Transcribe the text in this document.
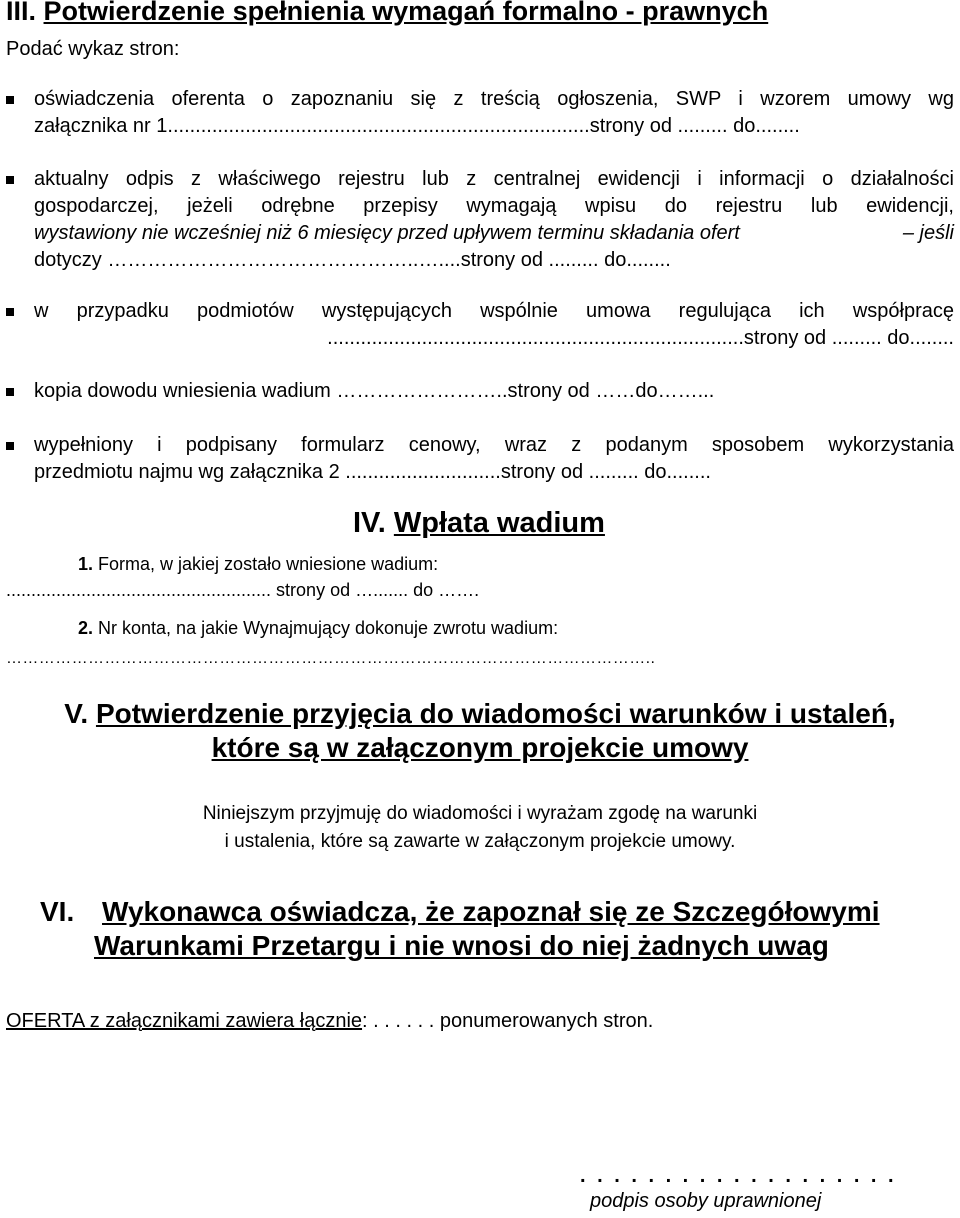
III. Potwierdzenie spełnienia wymagań formalno - prawnych
Podać wykaz stron:
oświadczenia oferenta o zapoznaniu się z treścią ogłoszenia, SWP i wzorem umowy wg
załącznika nr 1............................................................................strony od ......... do........
aktualny odpis z właściwego rejestru lub z centralnej ewidencji i informacji o działalności
gospodarczej, jeżeli odrębne przepisy wymagają wpisu do rejestru lub ewidencji,
wystawiony nie wcześniej niż 6 miesięcy przed upływem terminu składania ofert	– jeśli
dotyczy ………………………………………..…....strony od ......... do........
w przypadku podmiotów występujących wspólnie umowa regulująca ich współpracę
...........................................................................strony od ......... do........
kopia dowodu wniesienia wadium ……………………..strony od ……do……...
wypełniony i podpisany formularz cenowy, wraz z podanym sposobem wykorzystania
przedmiotu najmu wg załącznika 2 ............................strony od ......... do........
IV. Wpłata wadium
1. Forma, w jakiej zostało wniesione wadium:
..................................................... strony od …....... do …….
2. Nr konta, na jakie Wynajmujący dokonuje zwrotu wadium:
………………………………………………………………………………………………………..
V. Potwierdzenie przyjęcia do wiadomości warunków i ustaleń,
które są w załączonym projekcie umowy
Niniejszym przyjmuję do wiadomości i wyrażam zgodę na warunki
i ustalenia, które są zawarte w załączonym projekcie umowy.
VI. Wykonawca oświadcza, że zapoznał się ze Szczegółowymi
Warunkami Przetargu i nie wnosi do niej żadnych uwag
OFERTA z załącznikami zawiera łącznie: . . . . . . ponumerowanych stron.
. . . . . . . . . . . . . . . . . . .
podpis osoby uprawnionej
